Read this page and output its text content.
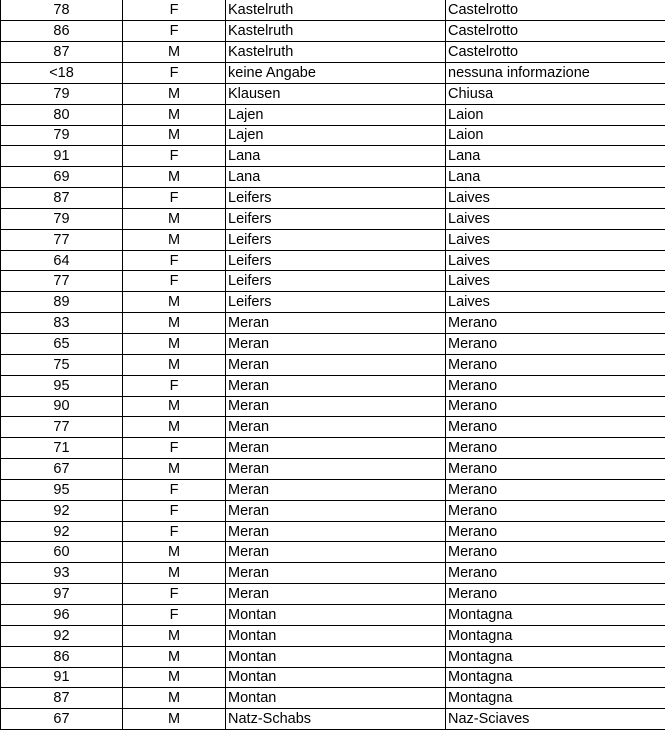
78	F	Kastelruth	Castelrotto
86	F	Kastelruth	Castelrotto
87	M	Kastelruth	Castelrotto
<18	F	keine Angabe	nessuna informazione
79	M	Klausen	Chiusa
80	M	Lajen	Laion
79	M	Lajen	Laion
91	F	Lana	Lana
69	M	Lana	Lana
87	F	Leifers	Laives
79	M	Leifers	Laives
77	M	Leifers	Laives
64	F	Leifers	Laives
77	F	Leifers	Laives
89	M	Leifers	Laives
83	M	Meran	Merano
65	M	Meran	Merano
75	M	Meran	Merano
95	F	Meran	Merano
90	M	Meran	Merano
77	M	Meran	Merano
71	F	Meran	Merano
67	M	Meran	Merano
95	F	Meran	Merano
92	F	Meran	Merano
92	F	Meran	Merano
60	M	Meran	Merano
93	M	Meran	Merano
97	F	Meran	Merano
96	F	Montan	Montagna
92	M	Montan	Montagna
86	M	Montan	Montagna
91	M	Montan	Montagna
87	M	Montan	Montagna
67	M	Natz-Schabs	Naz-Sciaves
